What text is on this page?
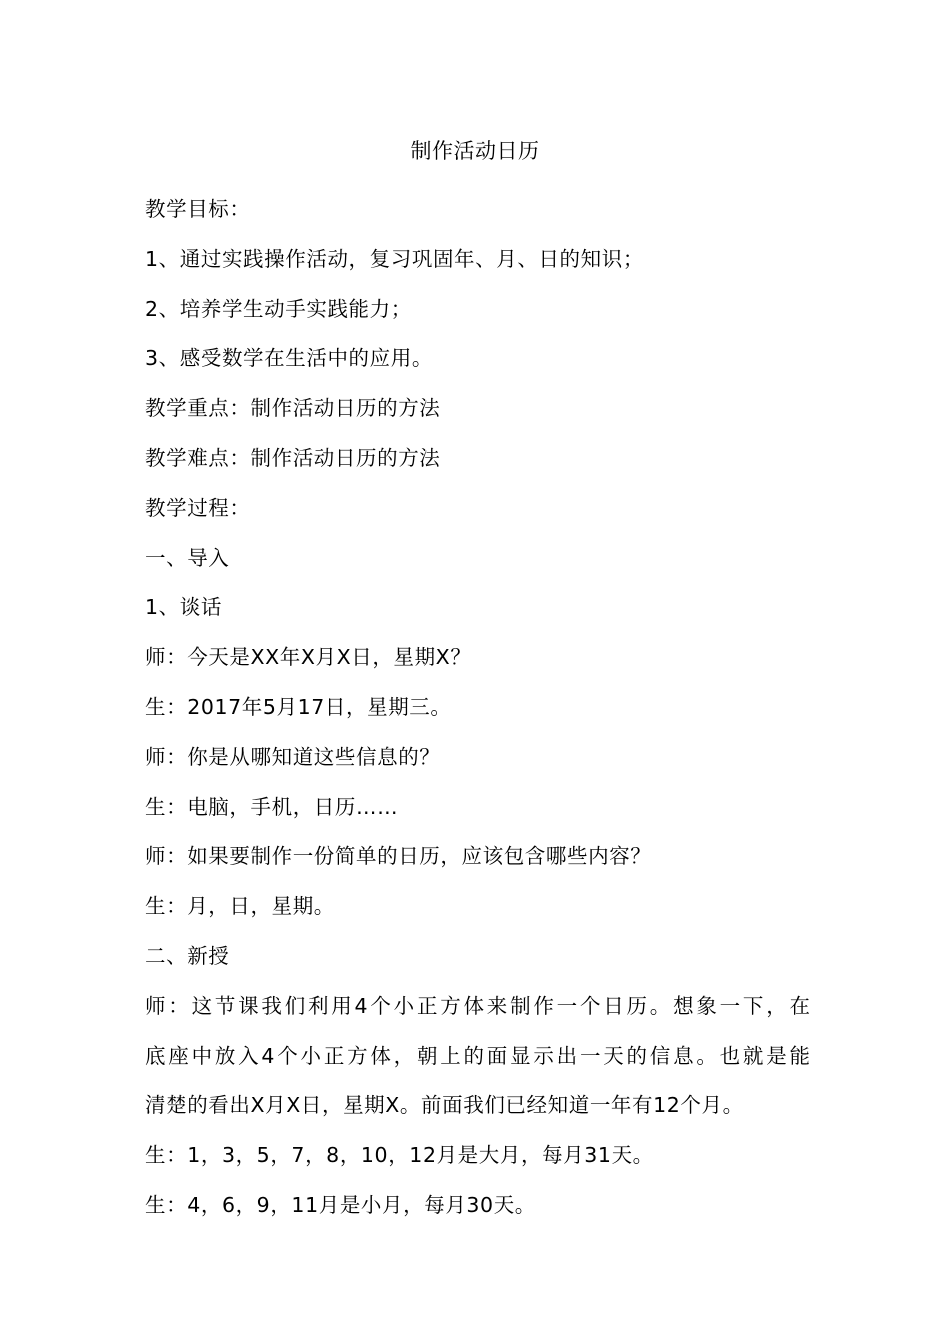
制作活动日历
教学目标：
1、通过实践操作活动，复习巩固年、月、日的知识；
2、培养学生动手实践能力；
3、感受数学在生活中的应用。
教学重点：制作活动日历的方法
教学难点：制作活动日历的方法
教学过程：
一、导入
1、谈话
师：今天是XX年X月X日，星期X？
生：2017年5月17日，星期三。
师：你是从哪知道这些信息的？
生：电脑，手机，日历……
师：如果要制作一份简单的日历，应该包含哪些内容？
生：月，日，星期。
二、新授
师：这节课我们利用4个小正方体来制作一个日历。想象一下，在
底座中放入4个小正方体，朝上的面显示出一天的信息。也就是能
清楚的看出X月X日，星期X。前面我们已经知道一年有12个月。
生：1，3，5，7，8，10，12月是大月，每月31天。
生：4，6，9，11月是小月，每月30天。
